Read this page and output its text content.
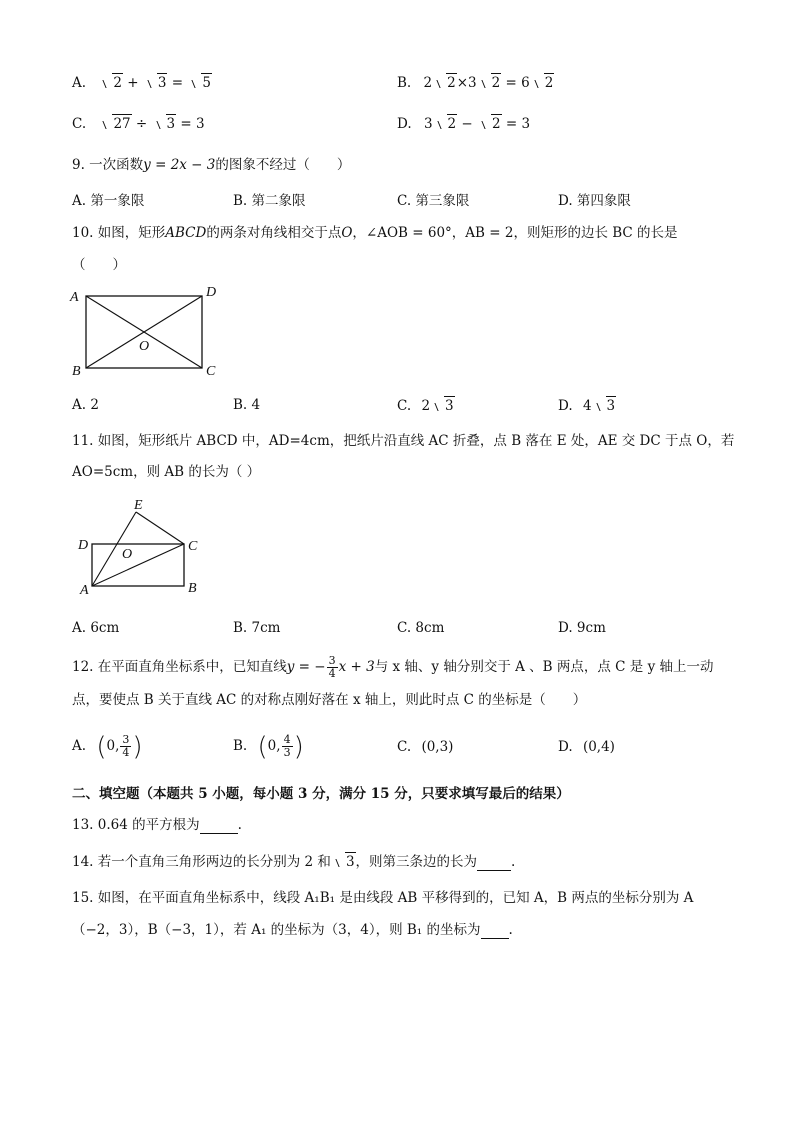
A. 2 + 3 = 5	B. 2 2×3 2 = 6 2
C. 27 ÷ 3 = 3	D. 3 2 − 2 = 3
9. 一次函数y = 2x − 3的图象不经过（　　）
A. 第一象限	B. 第二象限	C. 第三象限	D. 第四象限
10. 如图，矩形ABCD的两条对角线相交于点O，∠AOB = 60°，AB = 2，则矩形的边长 BC 的长是
（　　）
A	D
B	C
O
A. 2	B. 4	C. 2 3	D. 4 3
11. 如图，矩形纸片 ABCD 中，AD=4cm，把纸片沿直线 AC 折叠，点 B 落在 E 处，AE 交 DC 于点 O，若
AO=5cm，则 AB 的长为（ ）
E
D	C
O
A	B
A. 6cm	B. 7cm	C. 8cm	D. 9cm
12. 在平面直角坐标系中，已知直线y = − $\frac{3}{4}$ x + 3与 x 轴、y 轴分别交于 A 、B 两点，点 C 是 y 轴上一动
点，要使点 B 关于直线 AC 的对称点刚好落在 x 轴上，则此时点 C 的坐标是（　　）
A. (0, $\frac{3}{4}$ )	B. (0, $\frac{4}{3}$ )	C. (0,3)	D. (0,4)
二、填空题（本题共 5 小题，每小题 3 分，满分 15 分，只要求填写最后的结果）
13. 0.64 的平方根为	.
14. 若一个直角三角形两边的长分别为 2 和 3，则第三条边的长为	.
15. 如图，在平面直角坐标系中，线段 A₁B₁ 是由线段 AB 平移得到的，已知 A，B 两点的坐标分别为 A
（−2，3），B（−3，1），若 A₁ 的坐标为（3，4），则 B₁ 的坐标为 .
